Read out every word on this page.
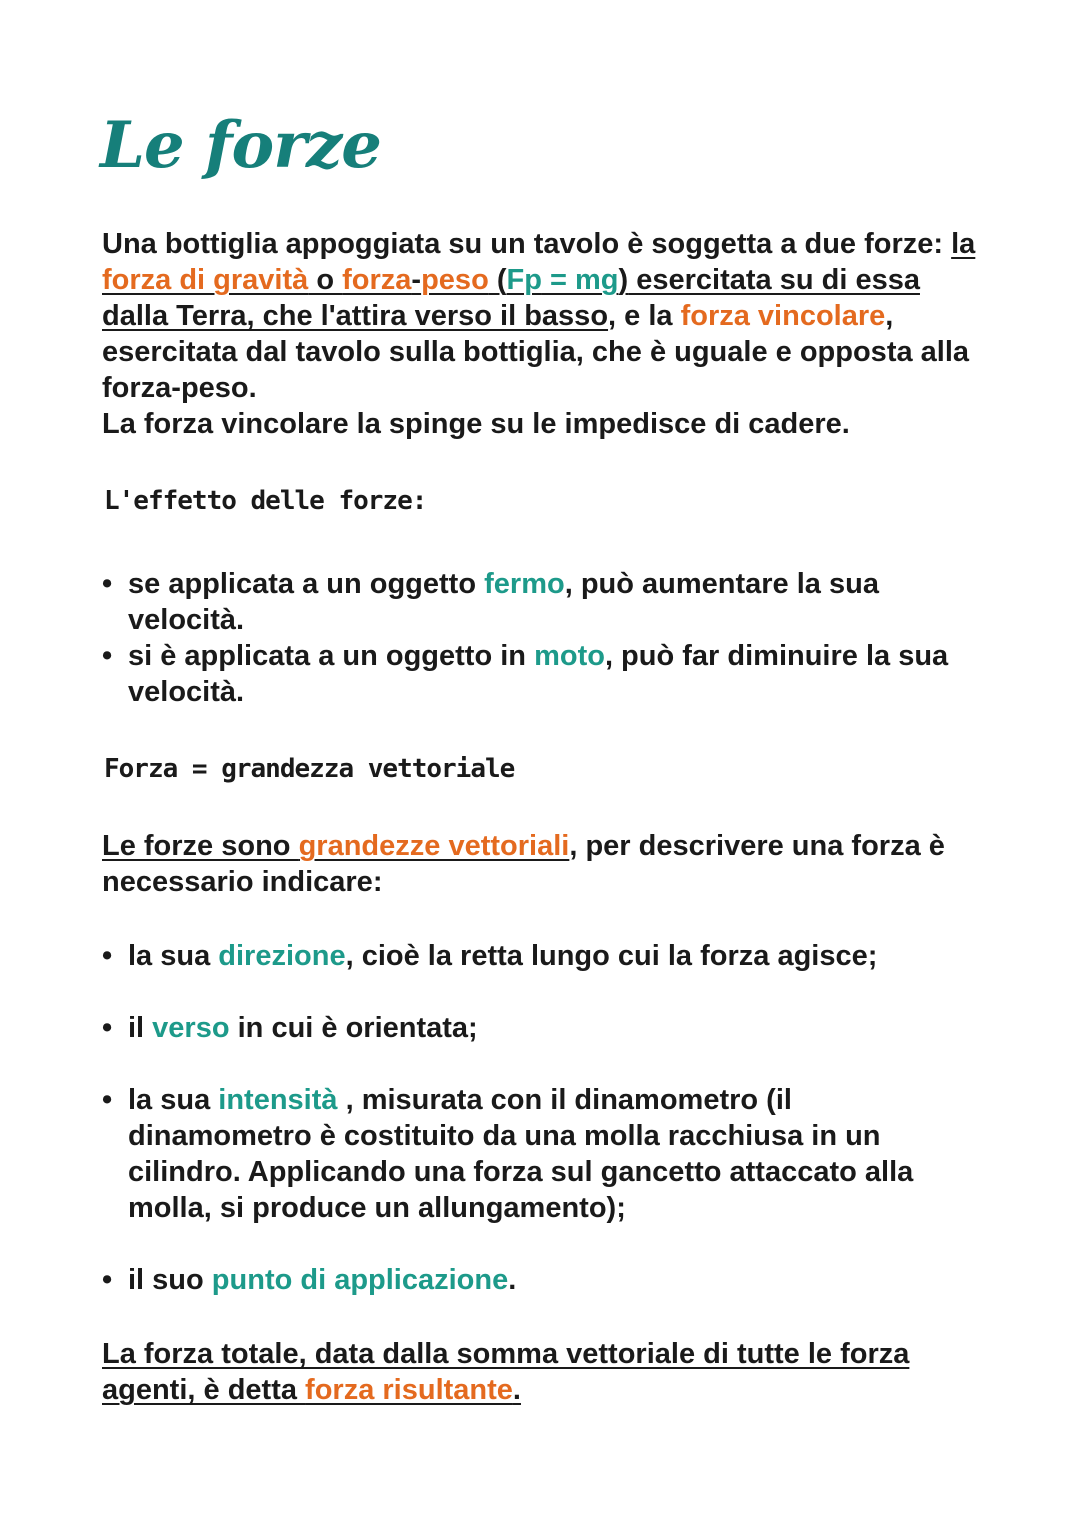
Le forze

Una bottiglia appoggiata su un tavolo è soggetta a due forze: la forza di gravità o forza-peso (Fp = mg) esercitata su di essa dalla Terra, che l'attira verso il basso, e la forza vincolare, esercitata dal tavolo sulla bottiglia, che è uguale e opposta alla forza-peso.
La forza vincolare la spinge su le impedisce di cadere.

L'effetto delle forze:
• se applicata a un oggetto fermo, può aumentare la sua velocità.
• si è applicata a un oggetto in moto, può far diminuire la sua velocità.
Forza = grandezza vettoriale

Le forze sono grandezze vettoriali, per descrivere una forza è necessario indicare:

• la sua direzione, cioè la retta lungo cui la forza agisce;
• il verso in cui è orientata;
• la sua intensità , misurata con il dinamometro (il dinamometro è costituito da una molla racchiusa in un cilindro. Applicando una forza sul gancetto attaccato alla molla, si produce un allungamento);
• il suo punto di applicazione.

La forza totale, data dalla somma vettoriale di tutte le forza agenti, è detta forza risultante.
